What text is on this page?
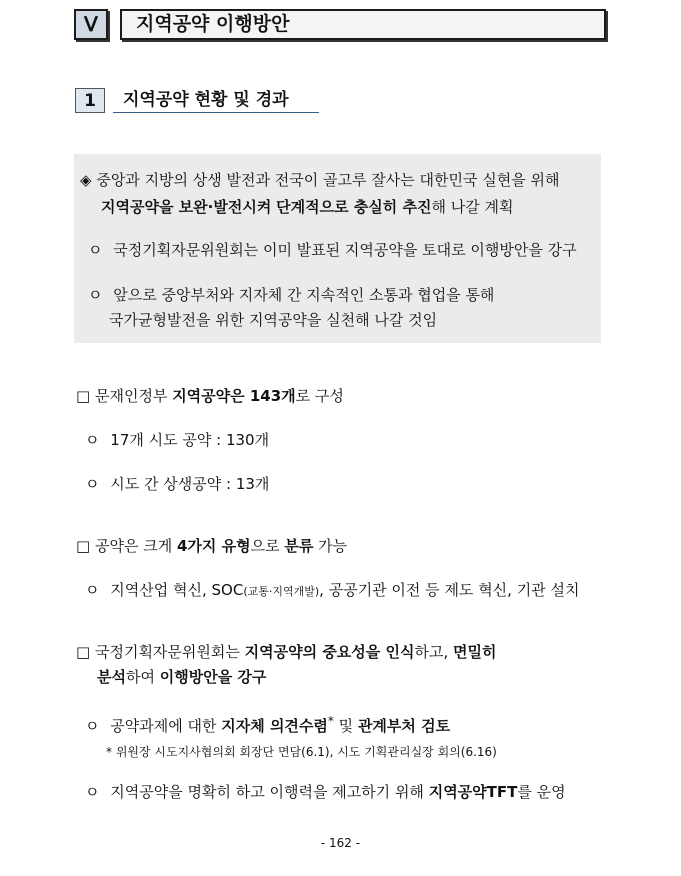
Ⅴ	지역공약 이행방안
1	지역공약 현황 및 경과
◈ 중앙과 지방의 상생 발전과 전국이 골고루 잘사는 대한민국 실현을 위해
지역공약을 보완·발전시켜 단계적으로 충실히 추진해 나갈 계획
ㅇ 국정기획자문위원회는 이미 발표된 지역공약을 토대로 이행방안을 강구
ㅇ 앞으로 중앙부처와 지자체 간 지속적인 소통과 협업을 통해
국가균형발전을 위한 지역공약을 실천해 나갈 것임
□ 문재인정부 지역공약은 143개로 구성
ㅇ 17개 시도 공약 : 130개
ㅇ 시도 간 상생공약 : 13개
□ 공약은 크게 4가지 유형으로 분류 가능
ㅇ 지역산업 혁신, SOC(교통·지역개발), 공공기관 이전 등 제도 혁신, 기관 설치
□ 국정기획자문위원회는 지역공약의 중요성을 인식하고, 면밀히
분석하여 이행방안을 강구
ㅇ 공약과제에 대한 지자체 의견수렴* 및 관계부처 검토
* 위원장 시도지사협의회 회장단 면담(6.1), 시도 기획관리실장 회의(6.16)
ㅇ 지역공약을 명확히 하고 이행력을 제고하기 위해 지역공약TFT를 운영
- 162 -
